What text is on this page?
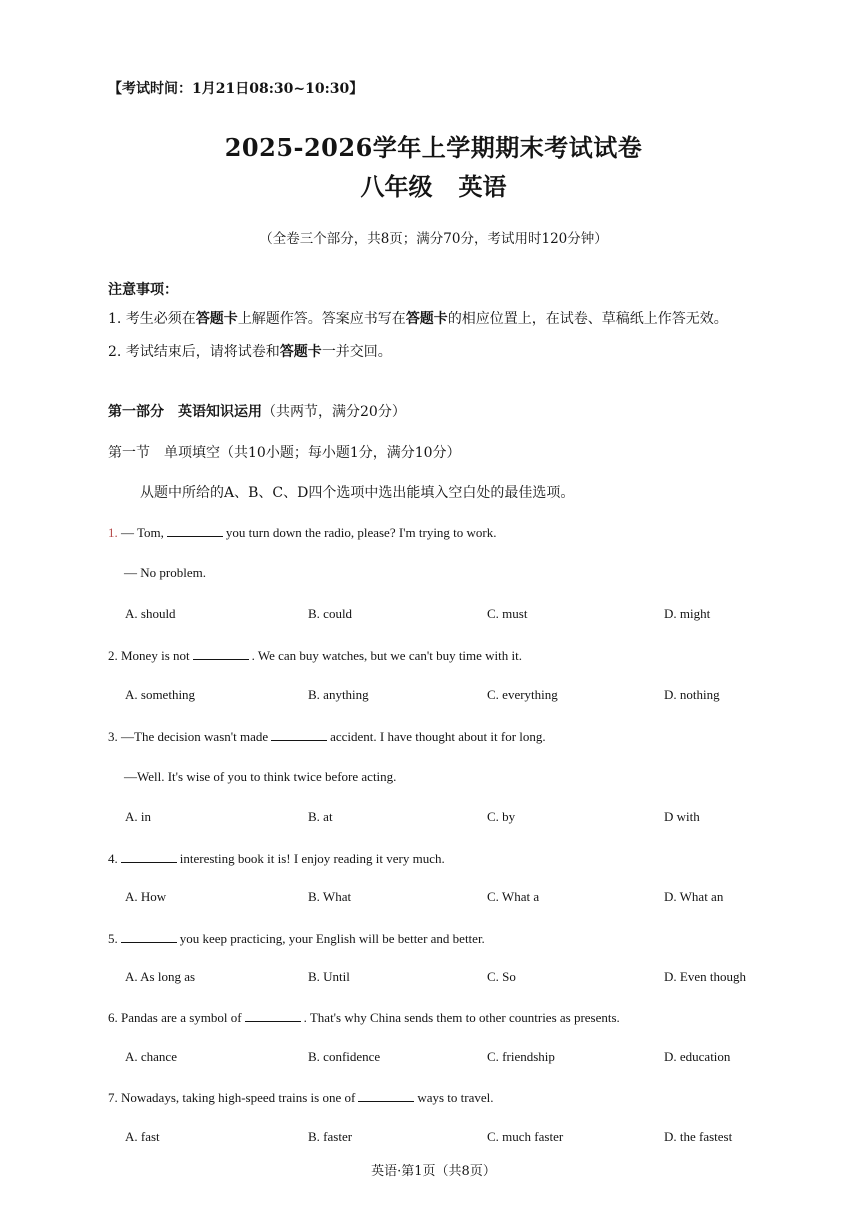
【考试时间：1月21日08:30~10:30】
2025-2026学年上学期期末考试试卷
八年级 英语
（全卷三个部分，共8页；满分70分，考试用时120分钟）
注意事项：
1. 考生必须在答题卡上解题作答。答案应书写在答题卡的相应位置上，在试卷、草稿纸上作答无效。
2. 考试结束后，请将试卷和答题卡一并交回。
第一部分 英语知识运用（共两节，满分20分）
第一节 单项填空（共10小题；每小题1分，满分10分）
从题中所给的A、B、C、D四个选项中选出能填入空白处的最佳选项。
1. — Tom,	you turn down the radio, please? I'm trying to work.
— No problem.
A. should	B. could	C. must	D. might
2. Money is not	. We can buy watches, but we can't buy time with it.
A. something	B. anything	C. everything	D. nothing
3. —The decision wasn't made	accident. I have thought about it for long.
—Well. It's wise of you to think twice before acting.
A. in	B. at	C. by	D with
4.	interesting book it is! I enjoy reading it very much.
A. How	B. What	C. What a	D. What an
5.	you keep practicing, your English will be better and better.
A. As long as	B. Until	C. So	D. Even though
6. Pandas are a symbol of	. That's why China sends them to other countries as presents.
A. chance	B. confidence	C. friendship	D. education
7. Nowadays, taking high-speed trains is one of	ways to travel.
A. fast	B. faster	C. much faster	D. the fastest
英语·第1页（共8页）
